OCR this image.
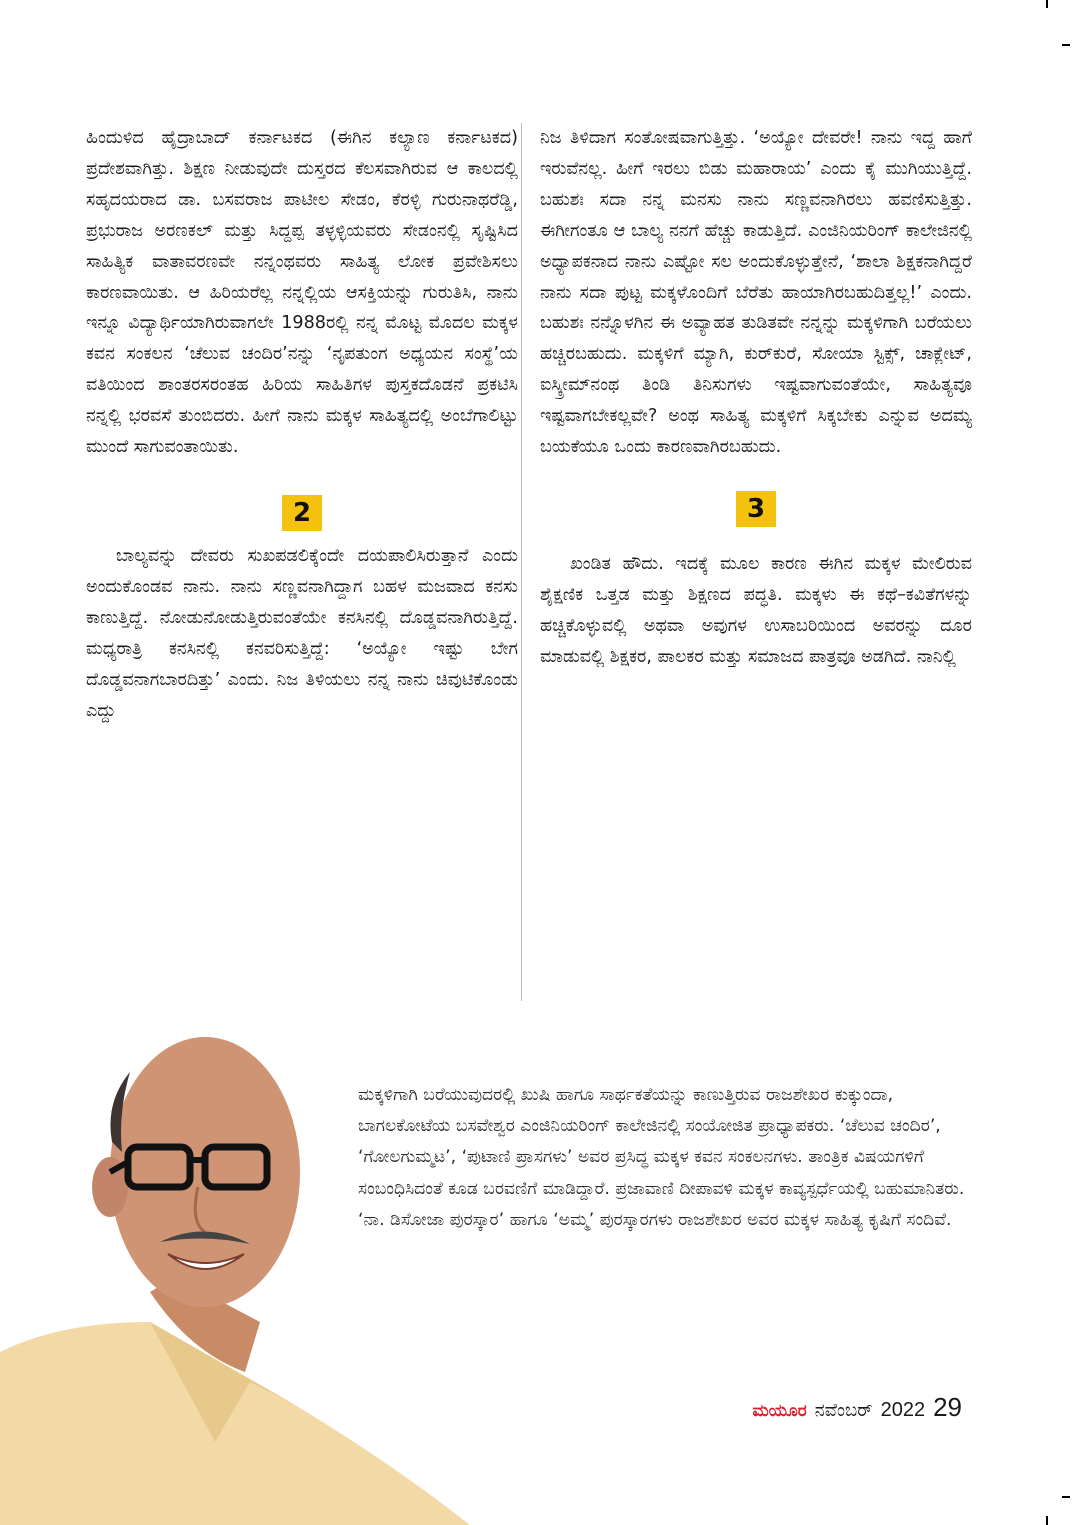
ಹಿಂದುಳಿದ ಹೈದ್ರಾಬಾದ್ ಕರ್ನಾಟಕದ (ಈಗಿನ ಕಲ್ಯಾಣ ಕರ್ನಾಟಕದ) ಪ್ರದೇಶವಾಗಿತ್ತು. ಶಿಕ್ಷಣ ನೀಡುವುದೇ ದುಸ್ತರದ ಕೆಲಸವಾಗಿರುವ ಆ ಕಾಲದಲ್ಲಿ ಸಹೃದಯರಾದ ಡಾ. ಬಸವರಾಜ ಪಾಟೀಲ ಸೇಡಂ, ಕೆರಳ್ಳಿ ಗುರುನಾಥರೆಡ್ಡಿ, ಪ್ರಭುರಾಜ ಅರಣಕಲ್ ಮತ್ತು ಸಿದ್ದಪ್ಪ ತಳ್ಳಳ್ಳಿಯವರು ಸೇಡಂನಲ್ಲಿ ಸೃಷ್ಟಿಸಿದ ಸಾಹಿತ್ಯಿಕ ವಾತಾವರಣವೇ ನನ್ನಂಥವರು ಸಾಹಿತ್ಯ ಲೋಕ ಪ್ರವೇಶಿಸಲು ಕಾರಣವಾಯಿತು. ಆ ಹಿರಿಯರೆಲ್ಲ ನನ್ನಲ್ಲಿಯ ಆಸಕ್ತಿಯನ್ನು ಗುರುತಿಸಿ, ನಾನು ಇನ್ನೂ ವಿದ್ಯಾರ್ಥಿಯಾಗಿರುವಾಗಲೇ 1988ರಲ್ಲಿ ನನ್ನ ಮೊಟ್ಟ ಮೊದಲ ಮಕ್ಕಳ ಕವನ ಸಂಕಲನ ‘ಚೆಲುವ ಚಂದಿರ’ನನ್ನು ‘ನೃಪತುಂಗ ಅಧ್ಯಯನ ಸಂಸ್ಥೆ’ಯ ವತಿಯಿಂದ ಶಾಂತರಸರಂತಹ ಹಿರಿಯ ಸಾಹಿತಿಗಳ ಪುಸ್ತಕದೊಡನೆ ಪ್ರಕಟಿಸಿ ನನ್ನಲ್ಲಿ ಭರವಸೆ ತುಂಬಿದರು. ಹೀಗೆ ನಾನು ಮಕ್ಕಳ ಸಾಹಿತ್ಯದಲ್ಲಿ ಅಂಬೆಗಾಲಿಟ್ಟು ಮುಂದೆ ಸಾಗುವಂತಾಯಿತು.

2

ಬಾಲ್ಯವನ್ನು ದೇವರು ಸುಖಪಡಲಿಕ್ಕೆಂದೇ ದಯಪಾಲಿಸಿರುತ್ತಾನೆ ಎಂದು ಅಂದುಕೊಂಡವ ನಾನು. ನಾನು ಸಣ್ಣವನಾಗಿದ್ದಾಗ ಬಹಳ ಮಜವಾದ ಕನಸು ಕಾಣುತ್ತಿದ್ದೆ. ನೋಡುನೋಡುತ್ತಿರುವಂತೆಯೇ ಕನಸಿನಲ್ಲಿ ದೊಡ್ಡವನಾಗಿರುತ್ತಿದ್ದೆ. ಮಧ್ಯರಾತ್ರಿ ಕನಸಿನಲ್ಲಿ ಕನವರಿಸುತ್ತಿದ್ದೆ: ‘ಅಯ್ಯೋ ಇಷ್ಟು ಬೇಗ ದೊಡ್ಡವನಾಗಬಾರದಿತ್ತು’ ಎಂದು. ನಿಜ ತಿಳಿಯಲು ನನ್ನ ನಾನು ಚಿವುಟಿಕೊಂಡು ಎದ್ದು

ನಿಜ ತಿಳಿದಾಗ ಸಂತೋಷವಾಗುತ್ತಿತ್ತು. ‘ಅಯ್ಯೋ ದೇವರೇ! ನಾನು ಇದ್ದ ಹಾಗೆ ಇರುವೆನಲ್ಲ. ಹೀಗೆ ಇರಲು ಬಿಡು ಮಹಾರಾಯ’ ಎಂದು ಕೈ ಮುಗಿಯುತ್ತಿದ್ದೆ. ಬಹುಶಃ ಸದಾ ನನ್ನ ಮನಸು ನಾನು ಸಣ್ಣವನಾಗಿರಲು ಹವಣಿಸುತ್ತಿತ್ತು. ಈಗೀಗಂತೂ ಆ ಬಾಲ್ಯ ನನಗೆ ಹೆಚ್ಚು ಕಾಡುತ್ತಿದೆ. ಎಂಜಿನಿಯರಿಂಗ್ ಕಾಲೇಜಿನಲ್ಲಿ ಅಧ್ಯಾಪಕನಾದ ನಾನು ಎಷ್ಟೋ ಸಲ ಅಂದುಕೊಳ್ಳುತ್ತೇನೆ, ‘ಶಾಲಾ ಶಿಕ್ಷಕನಾಗಿದ್ದರೆ ನಾನು ಸದಾ ಪುಟ್ಟ ಮಕ್ಕಳೊಂದಿಗೆ ಬೆರೆತು ಹಾಯಾಗಿರಬಹುದಿತ್ತಲ್ಲ!’ ಎಂದು. ಬಹುಶಃ ನನ್ನೊಳಗಿನ ಈ ಅವ್ಯಾಹತ ತುಡಿತವೇ ನನ್ನನ್ನು ಮಕ್ಕಳಿಗಾಗಿ ಬರೆಯಲು ಹಚ್ಚಿರಬಹುದು. ಮಕ್ಕಳಿಗೆ ಮ್ಯಾಗಿ, ಕುರ್‌ಕುರೆ, ಸೋಯಾ ಸ್ಟಿಕ್ಸ್, ಚಾಕ್ಲೇಟ್, ಐಸ್ಕ್ರೀಮ್‌ನಂಥ ತಿಂಡಿ ತಿನಿಸುಗಳು ಇಷ್ಟವಾಗುವಂತೆಯೇ, ಸಾಹಿತ್ಯವೂ ಇಷ್ಟವಾಗಬೇಕಲ್ಲವೇ? ಅಂಥ ಸಾಹಿತ್ಯ ಮಕ್ಕಳಿಗೆ ಸಿಕ್ಕಬೇಕು ಎನ್ನುವ ಅದಮ್ಯ ಬಯಕೆಯೂ ಒಂದು ಕಾರಣವಾಗಿರಬಹುದು.

3

ಖಂಡಿತ ಹೌದು. ಇದಕ್ಕೆ ಮೂಲ ಕಾರಣ ಈಗಿನ ಮಕ್ಕಳ ಮೇಲಿರುವ ಶೈಕ್ಷಣಿಕ ಒತ್ತಡ ಮತ್ತು ಶಿಕ್ಷಣದ ಪದ್ಧತಿ. ಮಕ್ಕಳು ಈ ಕಥೆ–ಕವಿತೆಗಳನ್ನು ಹಚ್ಚಿಕೊಳ್ಳುವಲ್ಲಿ ಅಥವಾ ಅವುಗಳ ಉಸಾಬರಿಯಿಂದ ಅವರನ್ನು ದೂರ ಮಾಡುವಲ್ಲಿ ಶಿಕ್ಷಕರ, ಪಾಲಕರ ಮತ್ತು ಸಮಾಜದ ಪಾತ್ರವೂ ಅಡಗಿದೆ. ನಾನಿಲ್ಲಿ

ಮಕ್ಕಳಿಗಾಗಿ ಬರೆಯುವುದರಲ್ಲಿ ಖುಷಿ ಹಾಗೂ ಸಾರ್ಥಕತೆಯನ್ನು ಕಾಣುತ್ತಿರುವ ರಾಜಶೇಖರ ಕುಕ್ಕುಂದಾ, ಬಾಗಲಕೋಟೆಯ ಬಸವೇಶ್ವರ ಎಂಜಿನಿಯರಿಂಗ್ ಕಾಲೇಜಿನಲ್ಲಿ ಸಂಯೋಜಿತ ಪ್ರಾಧ್ಯಾಪಕರು. ‘ಚೆಲುವ ಚಂದಿರ’, ‘ಗೋಲಗುಮ್ಮಟ’, ‘ಪುಟಾಣಿ ಪ್ರಾಸಗಳು’ ಅವರ ಪ್ರಸಿದ್ಧ ಮಕ್ಕಳ ಕವನ ಸಂಕಲನಗಳು. ತಾಂತ್ರಿಕ ವಿಷಯಗಳಿಗೆ ಸಂಬಂಧಿಸಿದಂತೆ ಕೂಡ ಬರವಣಿಗೆ ಮಾಡಿದ್ದಾರೆ. ಪ್ರಜಾವಾಣಿ ದೀಪಾವಳಿ ಮಕ್ಕಳ ಕಾವ್ಯಸ್ಪರ್ಧೆಯಲ್ಲಿ ಬಹುಮಾನಿತರು. ‘ನಾ. ಡಿಸೋಜಾ ಪುರಸ್ಕಾರ’ ಹಾಗೂ ‘ಅಮ್ಮ’ ಪುರಸ್ಕಾರಗಳು ರಾಜಶೇಖರ ಅವರ ಮಕ್ಕಳ ಸಾಹಿತ್ಯ ಕೃಷಿಗೆ ಸಂದಿವೆ.

ಮಯೂರ ನವೆಂಬರ್ 2022 29
